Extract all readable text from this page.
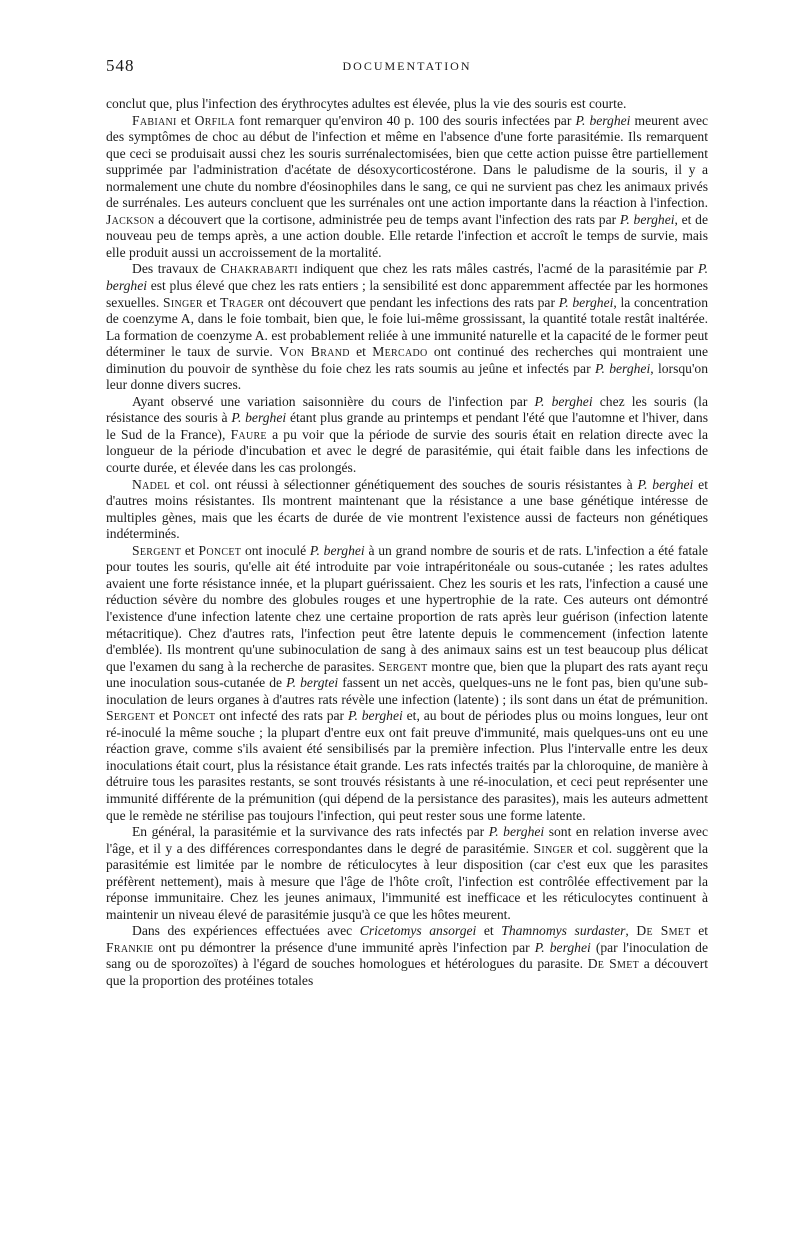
548	DOCUMENTATION

conclut que, plus l'infection des érythrocytes adultes est élevée, plus la vie des souris est courte.

Fabiani et Orfila font remarquer qu'environ 40 p. 100 des souris infectées par P. berghei meurent avec des symptômes de choc au début de l'infection et même en l'absence d'une forte parasitémie. Ils remarquent que ceci se produisait aussi chez les souris surrénalectomisées, bien que cette action puisse être partiellement supprimée par l'administration d'acétate de désoxycorticostérone. Dans le paludisme de la souris, il y a normalement une chute du nombre d'éosinophiles dans le sang, ce qui ne survient pas chez les animaux privés de surrénales. Les auteurs concluent que les surrénales ont une action importante dans la réaction à l'infection. Jackson a découvert que la cortisone, administrée peu de temps avant l'infection des rats par P. berghei, et de nouveau peu de temps après, a une action double. Elle retarde l'infection et accroît le temps de survie, mais elle produit aussi un accroissement de la mortalité.

Des travaux de Chakrabarti indiquent que chez les rats mâles castrés, l'acmé de la parasitémie par P. berghei est plus élevé que chez les rats entiers ; la sensibilité est donc apparemment affectée par les hormones sexuelles. Singer et Trager ont découvert que pendant les infections des rats par P. berghei, la concentration de coenzyme A, dans le foie tombait, bien que, le foie lui-même grossissant, la quantité totale restât inaltérée. La formation de coenzyme A. est probablement reliée à une immunité naturelle et la capacité de le former peut déterminer le taux de survie. Von Brand et Mercado ont continué des recherches qui montraient une diminution du pouvoir de synthèse du foie chez les rats soumis au jeûne et infectés par P. berghei, lorsqu'on leur donne divers sucres.

Ayant observé une variation saisonnière du cours de l'infection par P. berghei chez les souris (la résistance des souris à P. berghei étant plus grande au printemps et pendant l'été que l'automne et l'hiver, dans le Sud de la France), Faure a pu voir que la période de survie des souris était en relation directe avec la longueur de la période d'incubation et avec le degré de parasitémie, qui était faible dans les infections de courte durée, et élevée dans les cas prolongés.

Nadel et col. ont réussi à sélectionner génétiquement des souches de souris résistantes à P. berghei et d'autres moins résistantes. Ils montrent maintenant que la résistance a une base génétique intéresse de multiples gènes, mais que les écarts de durée de vie montrent l'existence aussi de facteurs non génétiques indéterminés.

Sergent et Poncet ont inoculé P. berghei à un grand nombre de souris et de rats. L'infection a été fatale pour toutes les souris, qu'elle ait été introduite par voie intrapéritonéale ou sous-cutanée ; les rates adultes avaient une forte résistance innée, et la plupart guérissaient. Chez les souris et les rats, l'infection a causé une réduction sévère du nombre des globules rouges et une hypertrophie de la rate. Ces auteurs ont démontré l'existence d'une infection latente chez une certaine proportion de rats après leur guérison (infection latente métacritique). Chez d'autres rats, l'infection peut être latente depuis le commencement (infection latente d'emblée). Ils montrent qu'une subinoculation de sang à des animaux sains est un test beaucoup plus délicat que l'examen du sang à la recherche de parasites. Sergent montre que, bien que la plupart des rats ayant reçu une inoculation sous-cutanée de P. bergtei fassent un net accès, quelques-uns ne le font pas, bien qu'une sub-inoculation de leurs organes à d'autres rats révèle une infection (latente) ; ils sont dans un état de prémunition. Sergent et Poncet ont infecté des rats par P. berghei et, au bout de périodes plus ou moins longues, leur ont ré-inoculé la même souche ; la plupart d'entre eux ont fait preuve d'immunité, mais quelques-uns ont eu une réaction grave, comme s'ils avaient été sensibilisés par la première infection. Plus l'intervalle entre les deux inoculations était court, plus la résistance était grande. Les rats infectés traités par la chloroquine, de manière à détruire tous les parasites restants, se sont trouvés résistants à une ré-inoculation, et ceci peut représenter une immunité différente de la prémunition (qui dépend de la persistance des parasites), mais les auteurs admettent que le remède ne stérilise pas toujours l'infection, qui peut rester sous une forme latente.

En général, la parasitémie et la survivance des rats infectés par P. berghei sont en relation inverse avec l'âge, et il y a des différences correspondantes dans le degré de parasitémie. Singer et col. suggèrent que la parasitémie est limitée par le nombre de réticulocytes à leur disposition (car c'est eux que les parasites préfèrent nettement), mais à mesure que l'âge de l'hôte croît, l'infection est contrôlée effectivement par la réponse immunitaire. Chez les jeunes animaux, l'immunité est inefficace et les réticulocytes continuent à maintenir un niveau élevé de parasitémie jusqu'à ce que les hôtes meurent.

Dans des expériences effectuées avec Cricetomys ansorgei et Thamnomys surdaster, De Smet et Frankie ont pu démontrer la présence d'une immunité après l'infection par P. berghei (par l'inoculation de sang ou de sporozoïtes) à l'égard de souches homologues et hétérologues du parasite. De Smet a découvert que la proportion des protéines totales
